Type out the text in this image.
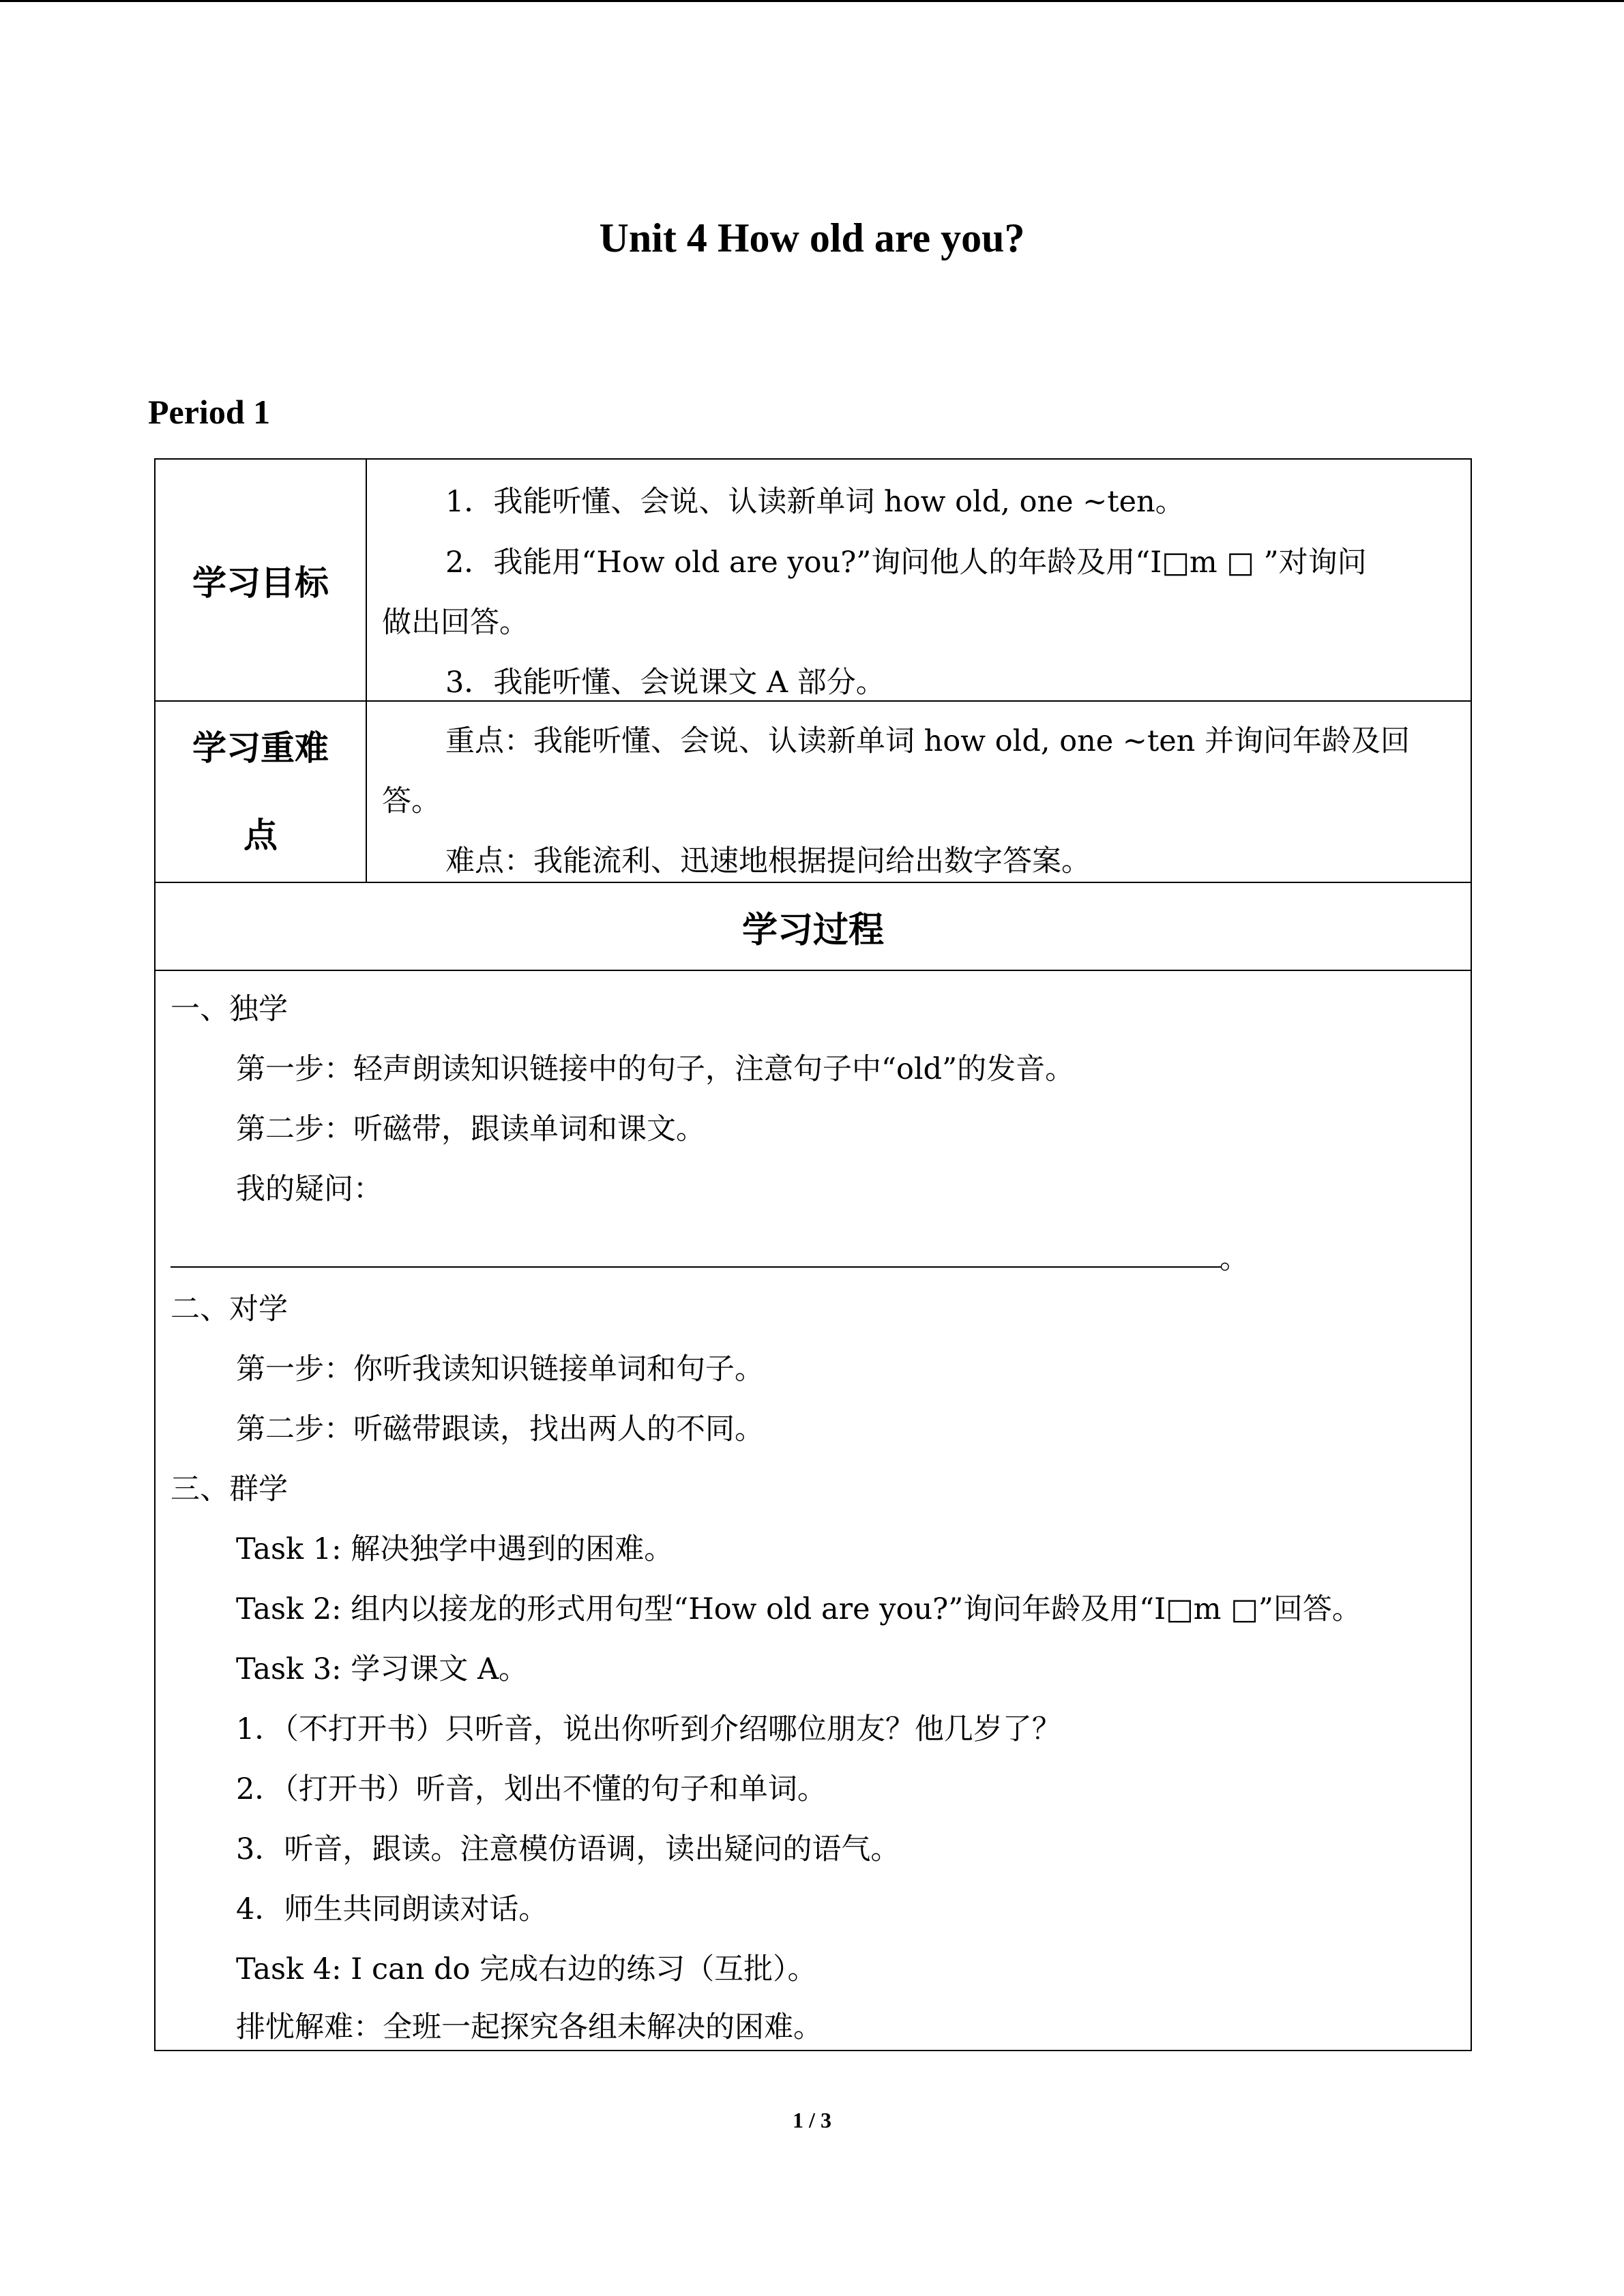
Unit 4 How old are you?
Period 1
学习目标
1．我能听懂、会说、认读新单词 how old, one ~ten。
2．我能用“How old are you?”询问他人的年龄及用“I□m □ ”对询问
做出回答。
3．我能听懂、会说课文 A 部分。
学习重难
点
重点：我能听懂、会说、认读新单词 how old, one ~ten 并询问年龄及回
答。
难点：我能流利、迅速地根据提问给出数字答案。
学习过程
一、独学
第一步：轻声朗读知识链接中的句子，注意句子中“old”的发音。
第二步：听磁带，跟读单词和课文。
我的疑问：
。
二、对学
第一步：你听我读知识链接单词和句子。
第二步：听磁带跟读，找出两人的不同。
三、群学
Task 1: 解决独学中遇到的困难。
Task 2: 组内以接龙的形式用句型“How old are you?”询问年龄及用“I□m □”回答。
Task 3: 学习课文 A。
1．（不打开书）只听音，说出你听到介绍哪位朋友？他几岁了？
2．（打开书）听音，划出不懂的句子和单词。
3．听音，跟读。注意模仿语调，读出疑问的语气。
4．师生共同朗读对话。
Task 4: I can do 完成右边的练习（互批）。
排忧解难：全班一起探究各组未解决的困难。
1 / 3
